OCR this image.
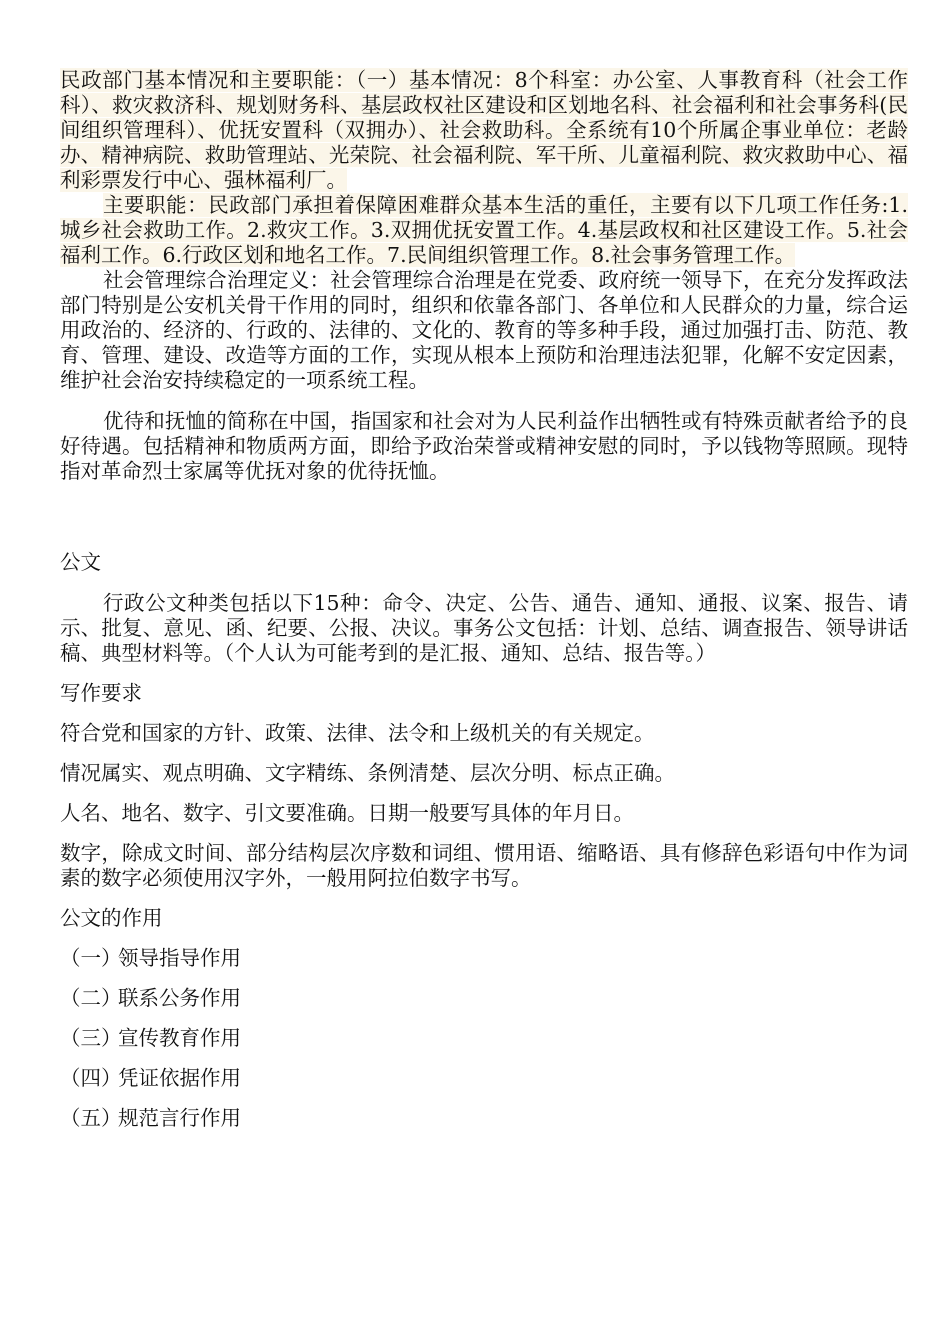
民政部门基本情况和主要职能：（一）基本情况：8个科室：办公室、人事教育科（社会工作科）、救灾救济科、规划财务科、基层政权社区建设和区划地名科、社会福利和社会事务科(民间组织管理科）、优抚安置科（双拥办）、社会救助科。全系统有10个所属企事业单位：老龄办、精神病院、救助管理站、光荣院、社会福利院、军干所、儿童福利院、救灾救助中心、福利彩票发行中心、强林福利厂。

主要职能：民政部门承担着保障困难群众基本生活的重任，主要有以下几项工作任务:1.城乡社会救助工作。2.救灾工作。3.双拥优抚安置工作。4.基层政权和社区建设工作。5.社会福利工作。6.行政区划和地名工作。7.民间组织管理工作。8.社会事务管理工作。

社会管理综合治理定义：社会管理综合治理是在党委、政府统一领导下，在充分发挥政法部门特别是公安机关骨干作用的同时，组织和依靠各部门、各单位和人民群众的力量，综合运用政治的、经济的、行政的、法律的、文化的、教育的等多种手段，通过加强打击、防范、教育、管理、建设、改造等方面的工作，实现从根本上预防和治理违法犯罪，化解不安定因素，维护社会治安持续稳定的一项系统工程。

优待和抚恤的简称在中国，指国家和社会对为人民利益作出牺牲或有特殊贡献者给予的良好待遇。包括精神和物质两方面，即给予政治荣誉或精神安慰的同时，予以钱物等照顾。现特指对革命烈士家属等优抚对象的优待抚恤。

公文

行政公文种类包括以下15种：命令、决定、公告、通告、通知、通报、议案、报告、请示、批复、意见、函、纪要、公报、决议。事务公文包括：计划、总结、调查报告、领导讲话稿、典型材料等。（个人认为可能考到的是汇报、通知、总结、报告等。）

写作要求

符合党和国家的方针、政策、法律、法令和上级机关的有关规定。

情况属实、观点明确、文字精练、条例清楚、层次分明、标点正确。

人名、地名、数字、引文要准确。日期一般要写具体的年月日。

数字，除成文时间、部分结构层次序数和词组、惯用语、缩略语、具有修辞色彩语句中作为词素的数字必须使用汉字外，一般用阿拉伯数字书写。

公文的作用

（一）领导指导作用

（二）联系公务作用

（三）宣传教育作用

（四）凭证依据作用

（五）规范言行作用
